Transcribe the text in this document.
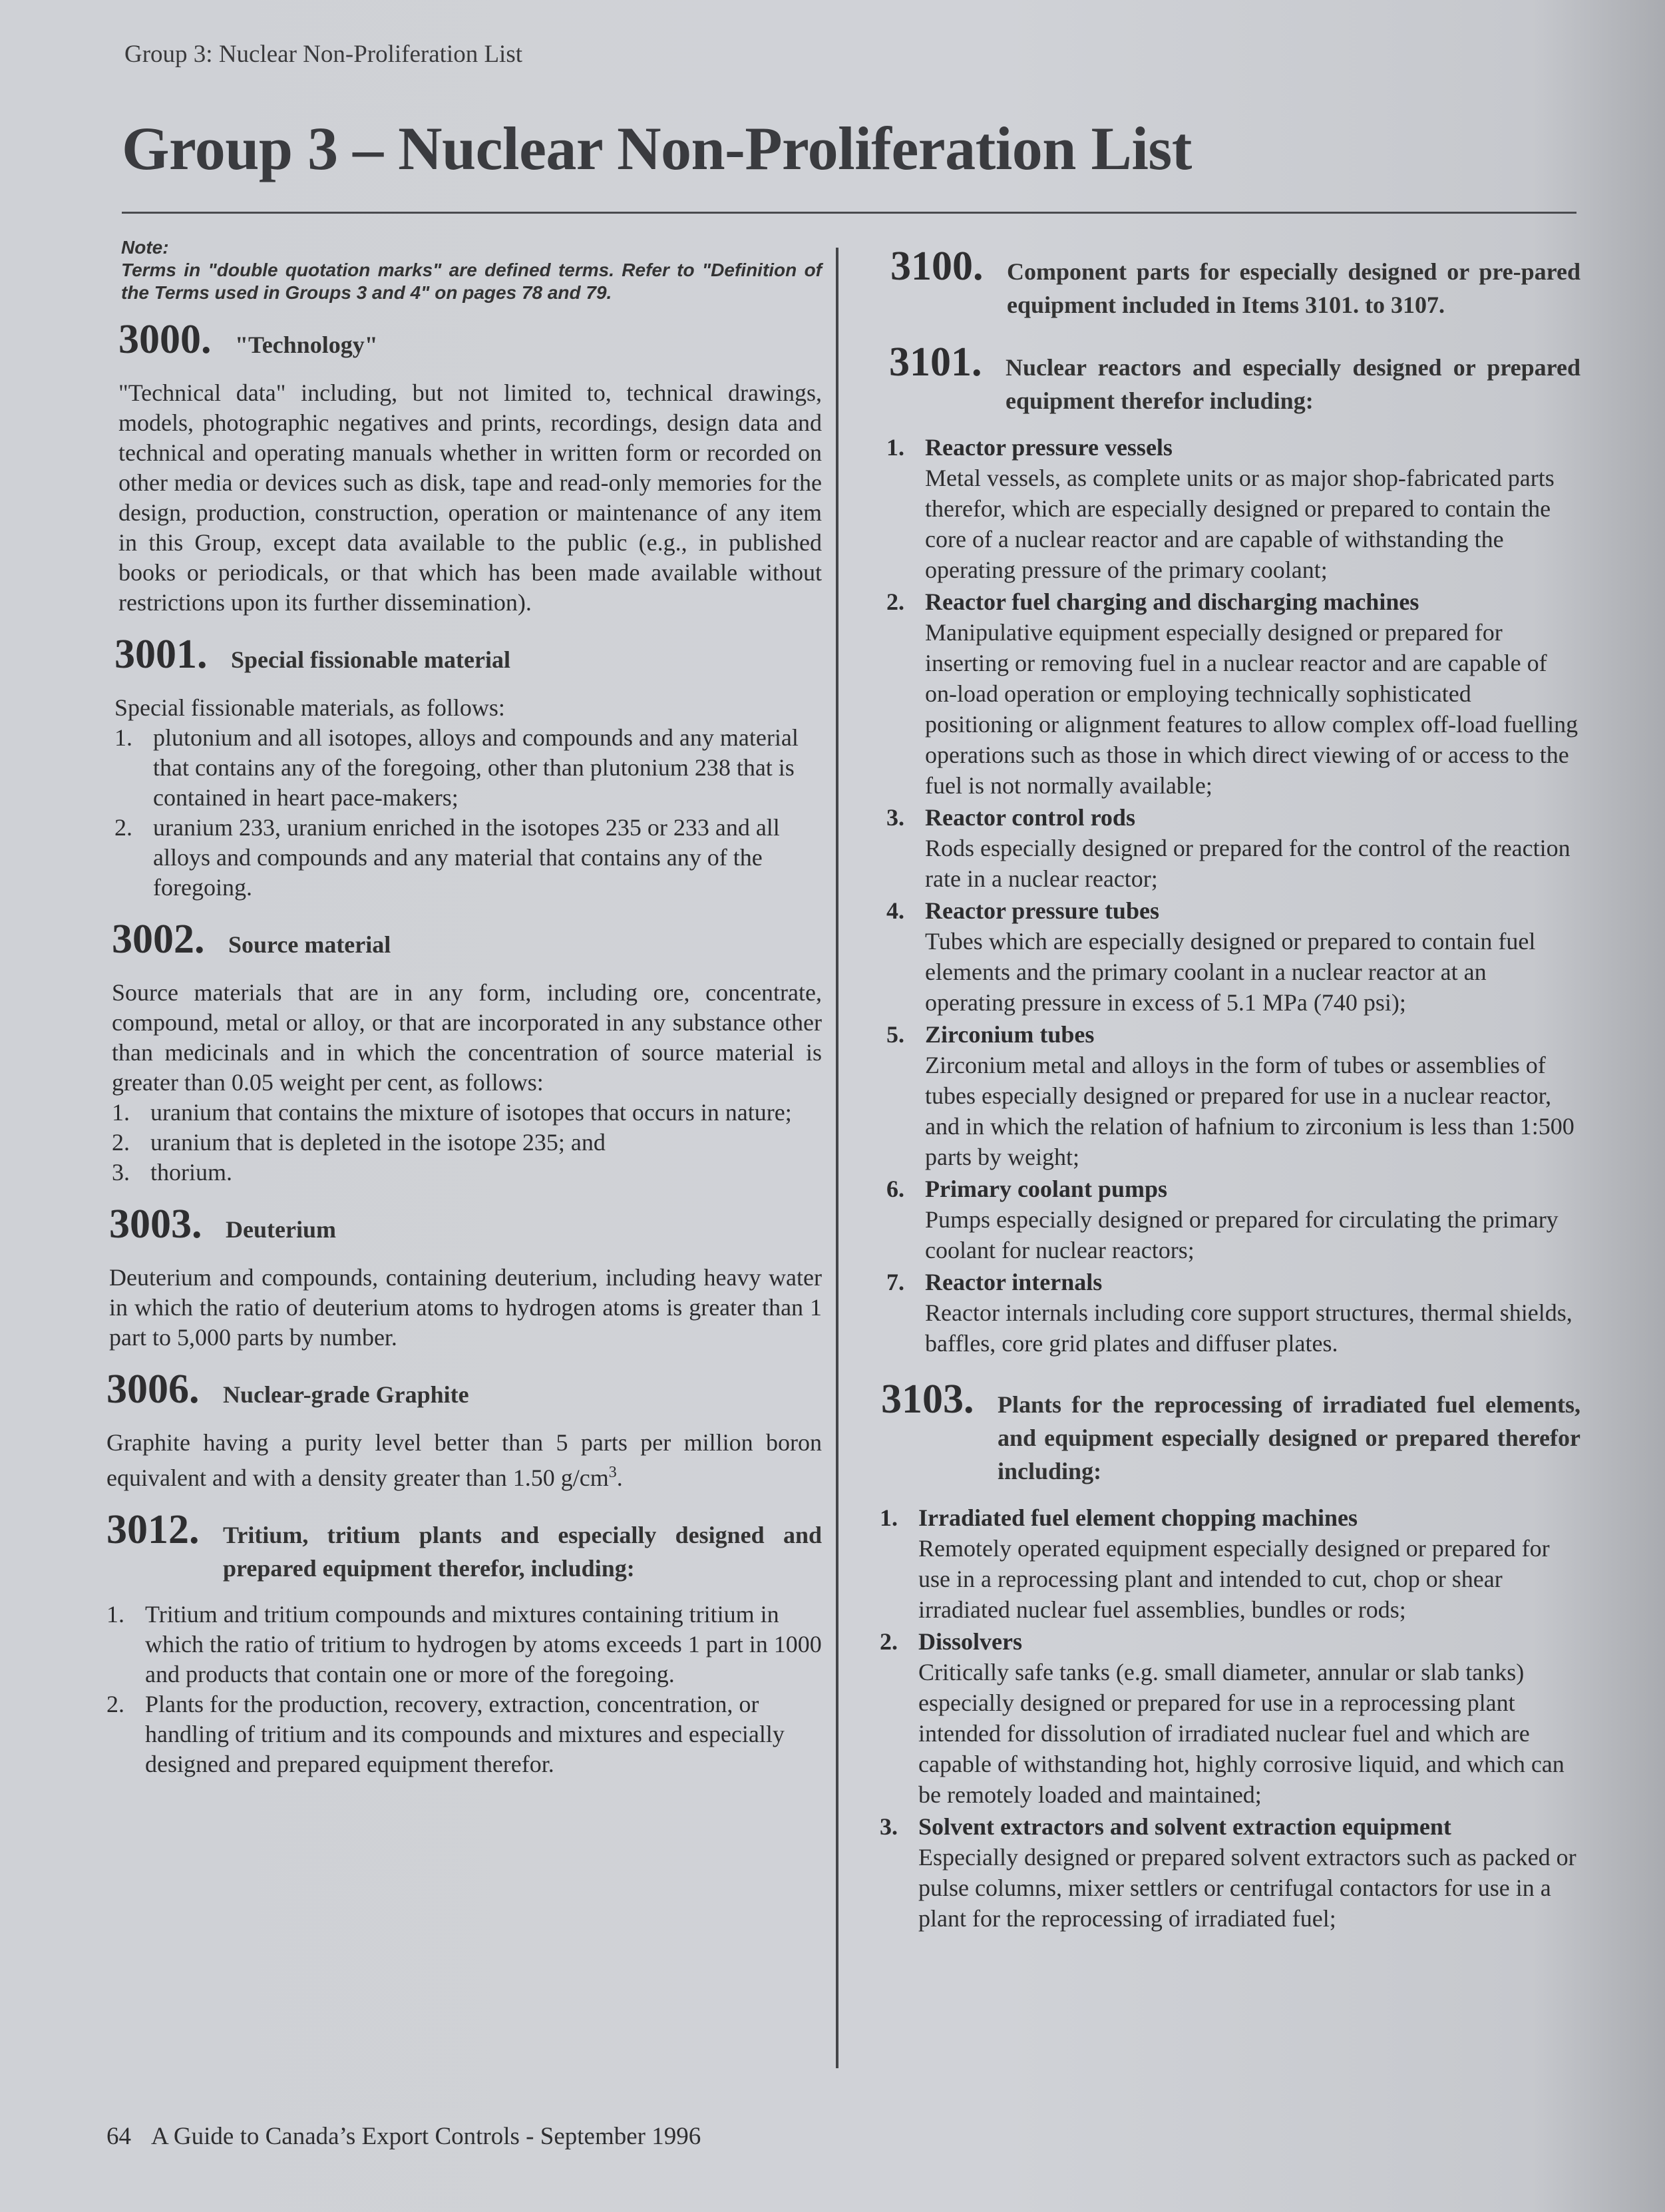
Group 3: Nuclear Non-Proliferation List
Group 3 – Nuclear Non-Proliferation List
Note:
Terms in "double quotation marks" are defined terms. Refer to "Definition of the Terms used in Groups 3 and 4" on pages 78 and 79.
3000. "Technology"
"Technical data" including, but not limited to, technical drawings, models, photographic negatives and prints, recordings, design data and technical and operating manuals whether in written form or recorded on other media or devices such as disk, tape and read-only memories for the design, production, construction, operation or maintenance of any item in this Group, except data available to the public (e.g., in published books or periodicals, or that which has been made available without restrictions upon its further dissemination).
3001. Special fissionable material
Special fissionable materials, as follows:
1. plutonium and all isotopes, alloys and compounds and any material that contains any of the foregoing, other than plutonium 238 that is contained in heart pace-makers;
2. uranium 233, uranium enriched in the isotopes 235 or 233 and all alloys and compounds and any material that contains any of the foregoing.
3002. Source material
Source materials that are in any form, including ore, concentrate, compound, metal or alloy, or that are incorporated in any substance other than medicinals and in which the concentration of source material is greater than 0.05 weight per cent, as follows:
1. uranium that contains the mixture of isotopes that occurs in nature;
2. uranium that is depleted in the isotope 235; and
3. thorium.
3003. Deuterium
Deuterium and compounds, containing deuterium, including heavy water in which the ratio of deuterium atoms to hydrogen atoms is greater than 1 part to 5,000 parts by number.
3006. Nuclear-grade Graphite
Graphite having a purity level better than 5 parts per million boron equivalent and with a density greater than 1.50 $g/cm^3$.
3012. Tritium, tritium plants and especially designed and prepared equipment therefor, including:
1. Tritium and tritium compounds and mixtures containing tritium in which the ratio of tritium to hydrogen by atoms exceeds 1 part in 1000 and products that contain one or more of the foregoing.
2. Plants for the production, recovery, extraction, concentration, or handling of tritium and its compounds and mixtures and especially designed and prepared equipment therefor.
3100. Component parts for especially designed or pre-pared equipment included in Items 3101. to 3107.
3101. Nuclear reactors and especially designed or prepared equipment therefor including:
1. Reactor pressure vessels
Metal vessels, as complete units or as major shop-fabricated parts therefor, which are especially designed or prepared to contain the core of a nuclear reactor and are capable of withstanding the operating pressure of the primary coolant;
2. Reactor fuel charging and discharging machines
Manipulative equipment especially designed or prepared for inserting or removing fuel in a nuclear reactor and are capable of on-load operation or employing technically sophisticated positioning or alignment features to allow complex off-load fuelling operations such as those in which direct viewing of or access to the fuel is not normally available;
3. Reactor control rods
Rods especially designed or prepared for the control of the reaction rate in a nuclear reactor;
4. Reactor pressure tubes
Tubes which are especially designed or prepared to contain fuel elements and the primary coolant in a nuclear reactor at an operating pressure in excess of 5.1 MPa (740 psi);
5. Zirconium tubes
Zirconium metal and alloys in the form of tubes or assemblies of tubes especially designed or prepared for use in a nuclear reactor, and in which the relation of hafnium to zirconium is less than 1:500 parts by weight;
6. Primary coolant pumps
Pumps especially designed or prepared for circulating the primary coolant for nuclear reactors;
7. Reactor internals
Reactor internals including core support structures, thermal shields, baffles, core grid plates and diffuser plates.
3103. Plants for the reprocessing of irradiated fuel elements, and equipment especially designed or prepared therefor including:
1. Irradiated fuel element chopping machines
Remotely operated equipment especially designed or prepared for use in a reprocessing plant and intended to cut, chop or shear irradiated nuclear fuel assemblies, bundles or rods;
2. Dissolvers
Critically safe tanks (e.g. small diameter, annular or slab tanks) especially designed or prepared for use in a reprocessing plant intended for dissolution of irradiated nuclear fuel and which are capable of withstanding hot, highly corrosive liquid, and which can be remotely loaded and maintained;
3. Solvent extractors and solvent extraction equipment
Especially designed or prepared solvent extractors such as packed or pulse columns, mixer settlers or centrifugal contactors for use in a plant for the reprocessing of irradiated fuel;
64 A Guide to Canada’s Export Controls - September 1996
